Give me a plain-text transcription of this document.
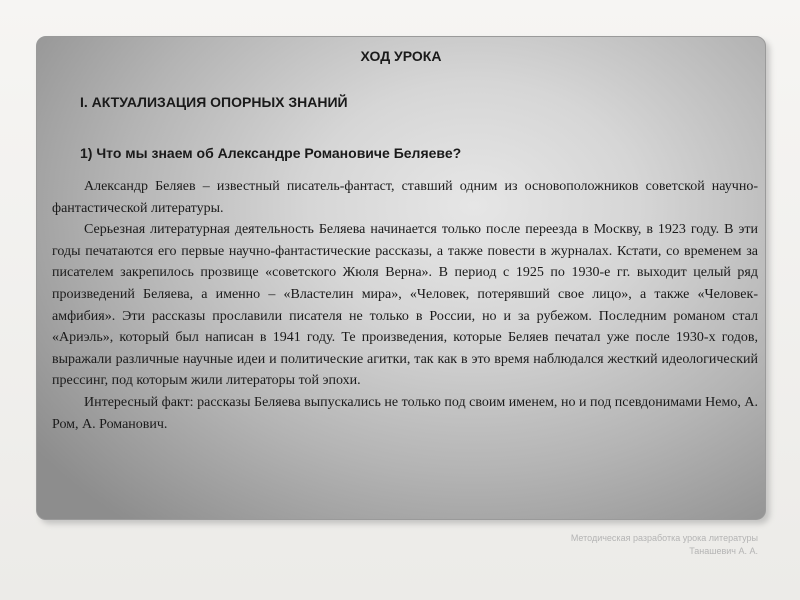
ХОД УРОКА
I. АКТУАЛИЗАЦИЯ ОПОРНЫХ ЗНАНИЙ
1) Что мы знаем об Александре Романовиче Беляеве?

Александр Беляев – известный писатель-фантаст, ставший одним из основоположников советской научно-фантастической литературы.

Серьезная литературная деятельность Беляева начинается только после переезда в Москву, в 1923 году. В эти годы печатаются его первые научно-фантастические рассказы, а также повести в журналах. Кстати, со временем за писателем закрепилось прозвище «советского Жюля Верна». В период с 1925 по 1930-е гг. выходит целый ряд произведений Беляева, а именно – «Властелин мира», «Человек, потерявший свое лицо», а также «Человек-амфибия». Эти рассказы прославили писателя не только в России, но и за рубежом. Последним романом стал «Ариэль», который был написан в 1941 году. Те произведения, которые Беляев печатал уже после 1930-х годов, выражали различные научные идеи и политические агитки, так как в это время наблюдался жесткий идеологический прессинг, под которым жили литераторы той эпохи.

Интересный факт: рассказы Беляева выпускались не только под своим именем, но и под псевдонимами Немо, А. Ром, А. Романович.

Методическая разработка урока литературы
Танашевич А. А.
